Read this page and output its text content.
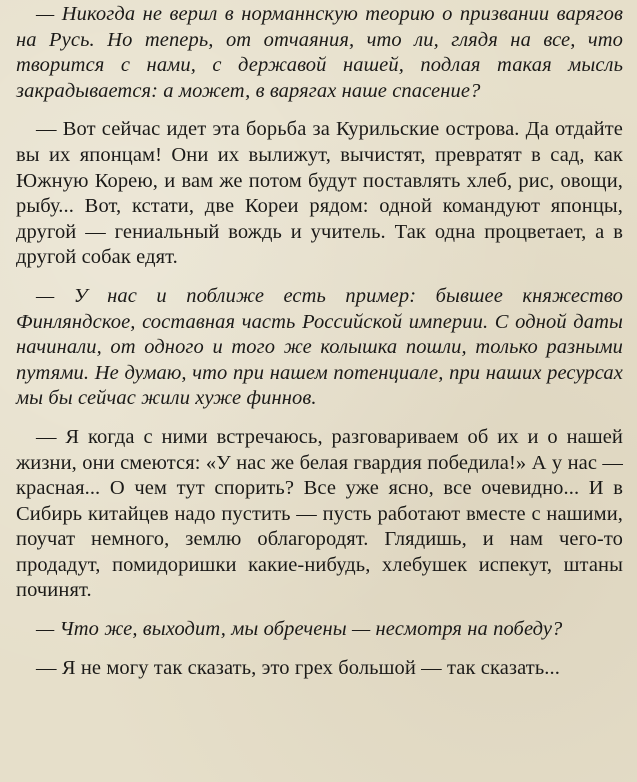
— Никогда не верил в норманнскую теорию о призвании варягов на Русь. Но теперь, от отчаяния, что ли, глядя на все, что творится с нами, с державой нашей, подлая такая мысль закрадывается: а может, в варягах наше спасение?

— Вот сейчас идет эта борьба за Курильские острова. Да отдайте вы их японцам! Они их вылижут, вычистят, превратят в сад, как Южную Корею, и вам же потом будут поставлять хлеб, рис, овощи, рыбу... Вот, кстати, две Кореи рядом: одной командуют японцы, другой — гениальный вождь и учитель. Так одна процветает, а в другой собак едят.

— У нас и поближе есть пример: бывшее княжество Финляндское, составная часть Российской империи. С одной даты начинали, от одного и того же колышка пошли, только разными путями. Не думаю, что при нашем потенциале, при наших ресурсах мы бы сейчас жили хуже финнов.

— Я когда с ними встречаюсь, разговариваем об их и о нашей жизни, они смеются: «У нас же белая гвардия победила!» А у нас — красная... О чем тут спорить? Все уже ясно, все очевидно... И в Сибирь китайцев надо пустить — пусть работают вместе с нашими, поучат немного, землю облагородят. Глядишь, и нам чего-то продадут, помидоришки какие-нибудь, хлебушек испекут, штаны починят.

— Что же, выходит, мы обречены — несмотря на победу?

— Я не могу так сказать, это грех большой — так сказать...
